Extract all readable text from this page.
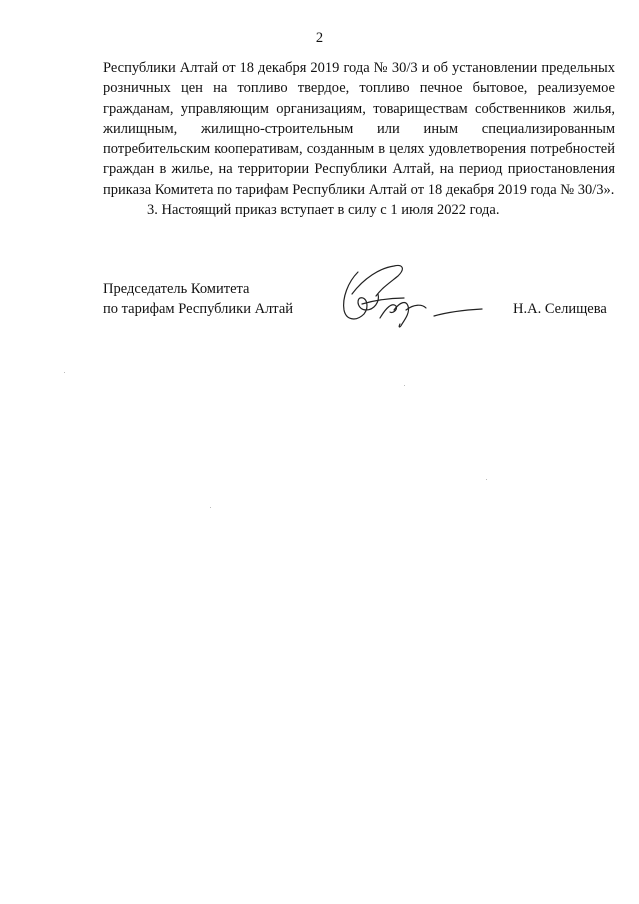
2

Республики Алтай от 18 декабря 2019 года № 30/3 и об установлении предельных розничных цен на топливо твердое, топливо печное бытовое, реализуемое гражданам, управляющим организациям, товариществам собственников жилья, жилищным, жилищно-строительным или иным специализированным потребительским кооперативам, созданным в целях удовлетворения потребностей граждан в жилье, на территории Республики Алтай, на период приостановления приказа Комитета по тарифам Республики Алтай от 18 декабря 2019 года № 30/3».

3. Настоящий приказ вступает в силу с 1 июля 2022 года.

Председатель Комитета
по тарифам Республики Алтай	Н.А. Селищева
